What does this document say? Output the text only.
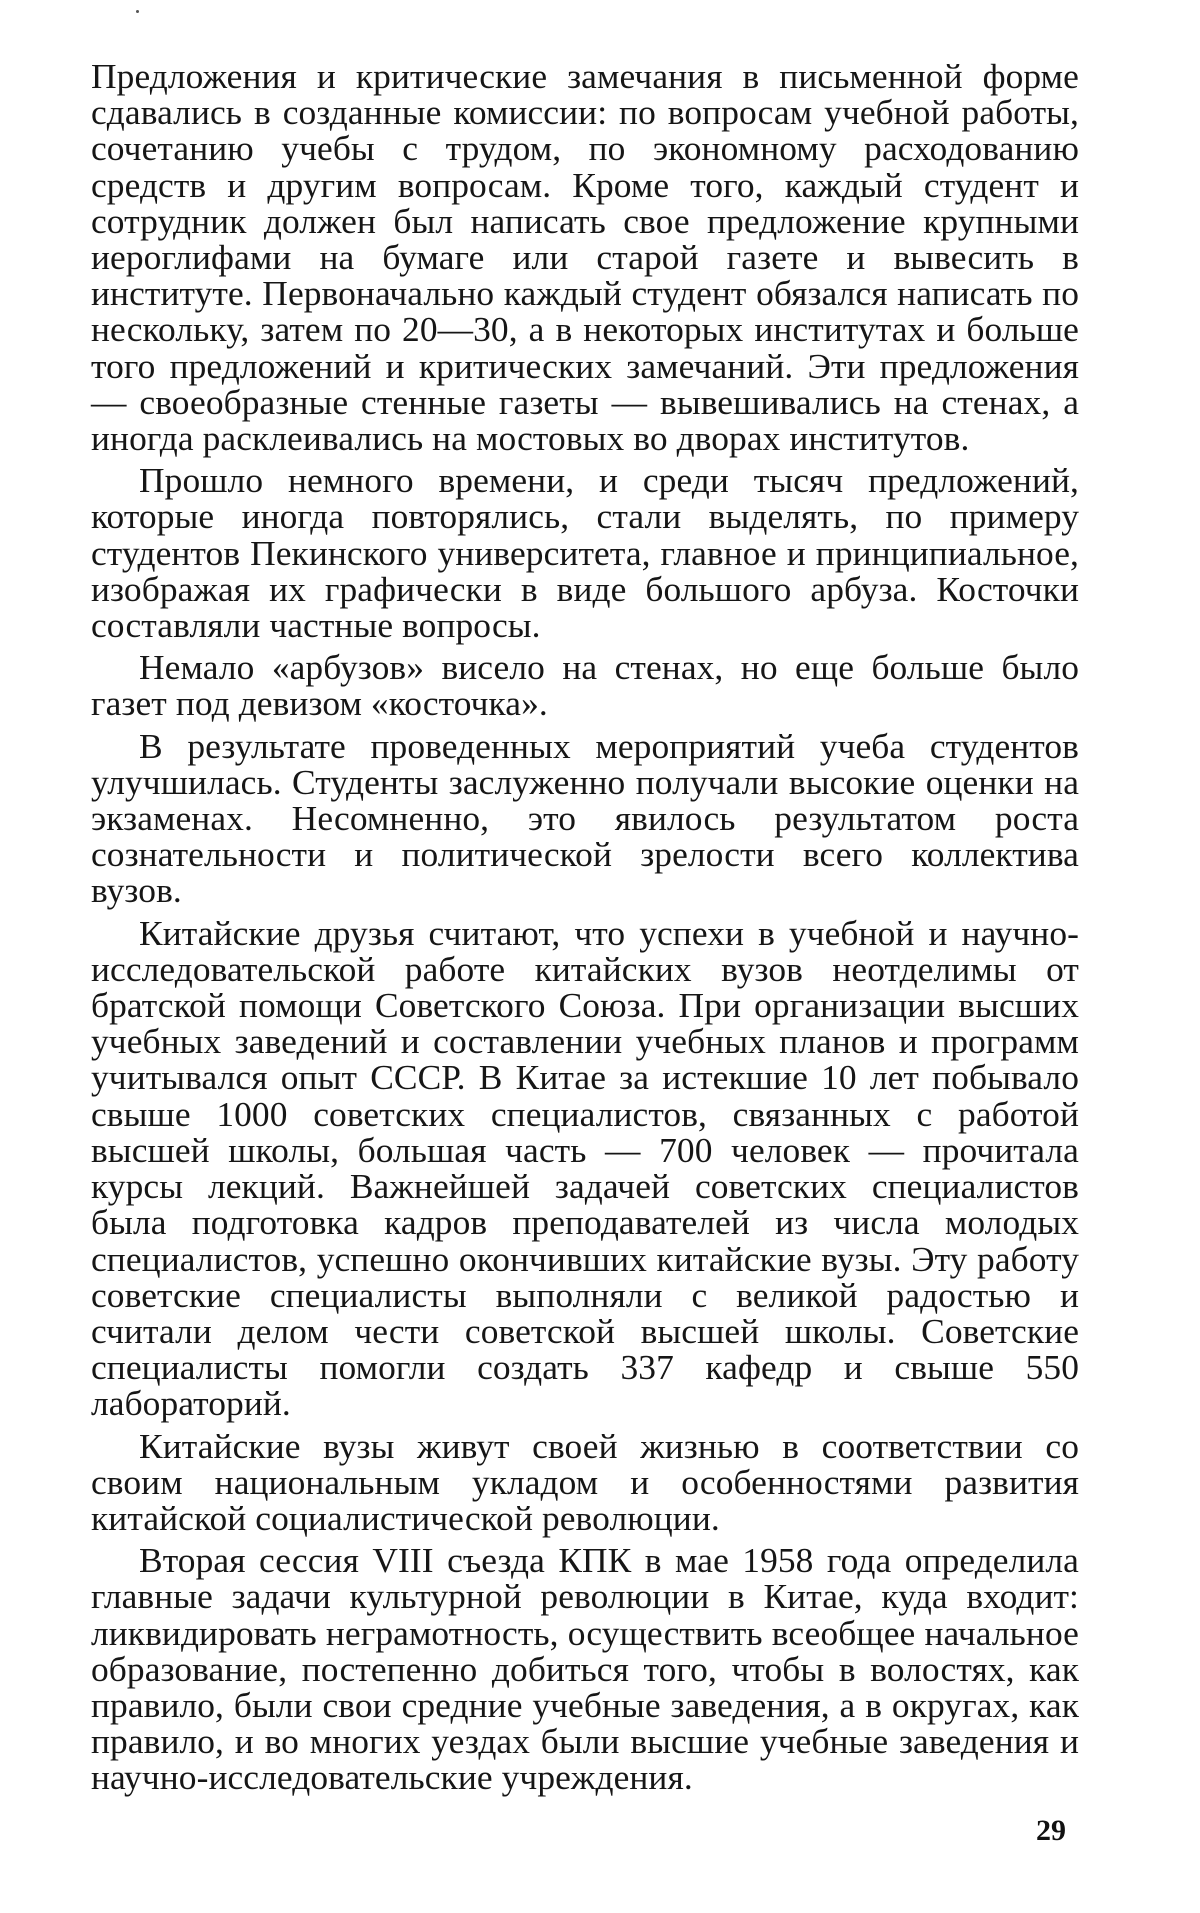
Предложения и критические замечания в письменной форме сдавались в созданные комиссии: по вопросам учебной работы, сочетанию учебы с трудом, по экономному расходованию средств и другим вопросам. Кроме того, каждый студент и сотрудник должен был написать свое предложение крупными иероглифами на бумаге или старой газете и вывесить в институте. Первоначально каждый студент обязался написать по нескольку, затем по 20—30, а в некоторых институтах и больше того предложений и критических замечаний. Эти предложения — своеобразные стенные газеты — вывешивались на стенах, а иногда расклеивались на мостовых во дворах институтов.

Прошло немного времени, и среди тысяч предложений, которые иногда повторялись, стали выделять, по примеру студентов Пекинского университета, главное и принципиальное, изображая их графически в виде большого арбуза. Косточки составляли частные вопросы.

Немало «арбузов» висело на стенах, но еще больше было газет под девизом «косточка».

В результате проведенных мероприятий учеба студентов улучшилась. Студенты заслуженно получали высокие оценки на экзаменах. Несомненно, это явилось результатом роста сознательности и политической зрелости всего коллектива вузов.

Китайские друзья считают, что успехи в учебной и научно-исследовательской работе китайских вузов неотделимы от братской помощи Советского Союза. При организации высших учебных заведений и составлении учебных планов и программ учитывался опыт СССР. В Китае за истекшие 10 лет побывало свыше 1000 советских специалистов, связанных с работой высшей школы, большая часть — 700 человек — прочитала курсы лекций. Важнейшей задачей советских специалистов была подготовка кадров преподавателей из числа молодых специалистов, успешно окончивших китайские вузы. Эту работу советские специалисты выполняли с великой радостью и считали делом чести советской высшей школы. Советские специалисты помогли создать 337 кафедр и свыше 550 лабораторий.

Китайские вузы живут своей жизнью в соответствии со своим национальным укладом и особенностями развития китайской социалистической революции.

Вторая сессия VIII съезда КПК в мае 1958 года определила главные задачи культурной революции в Китае, куда входит: ликвидировать неграмотность, осуществить всеобщее начальное образование, постепенно добиться того, чтобы в волостях, как правило, были свои средние учебные заведения, а в округах, как правило, и во многих уездах были высшие учебные заведения и научно-исследовательские учреждения.

29
